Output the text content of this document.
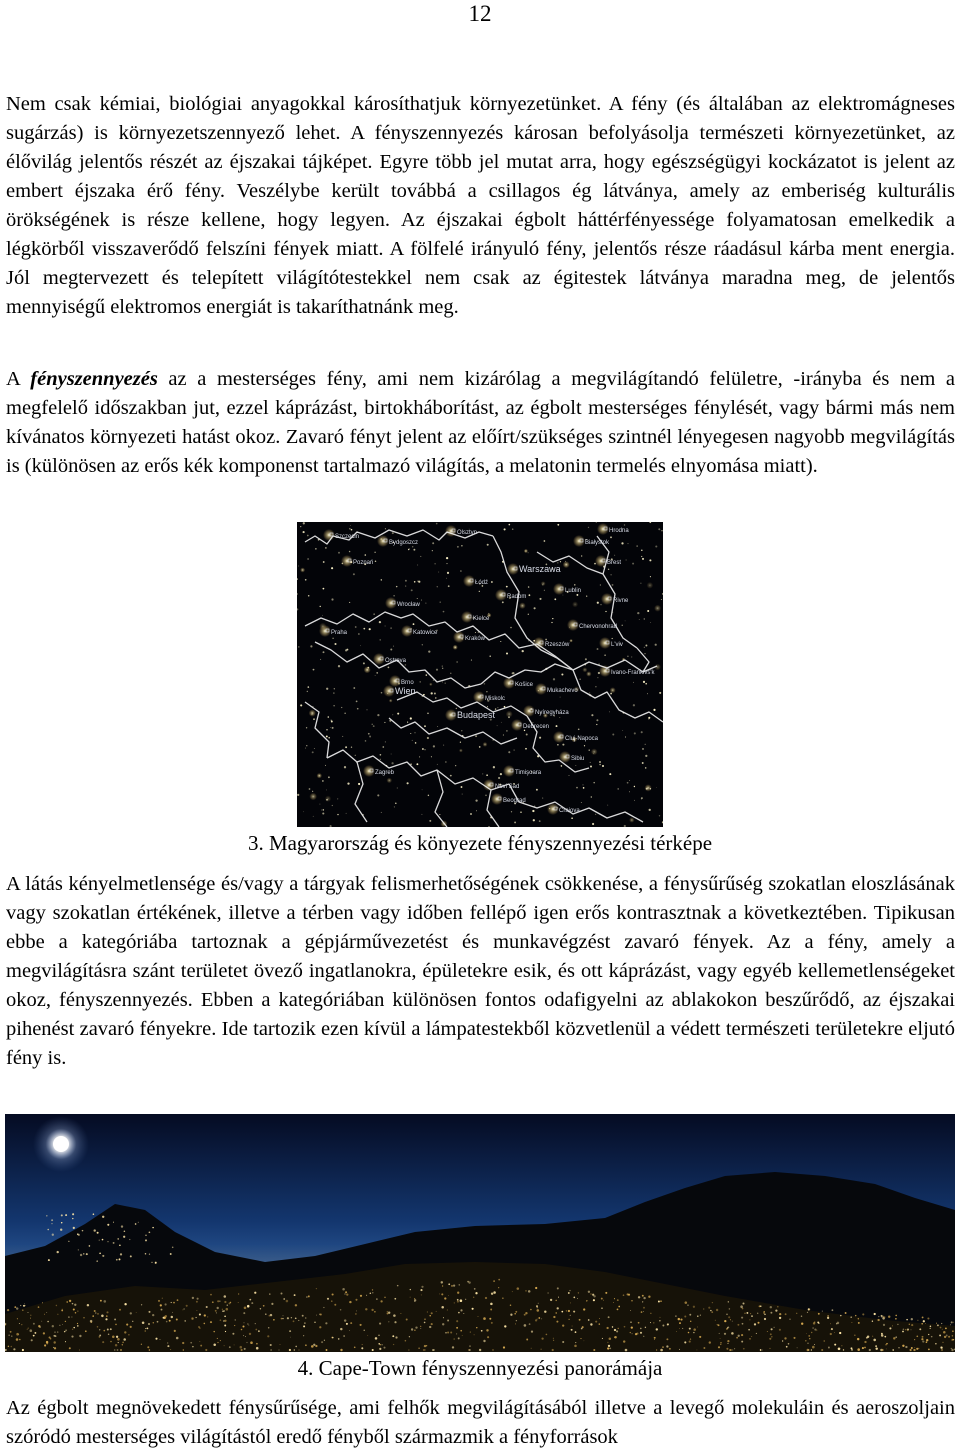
12

Nem csak kémiai, biológiai anyagokkal károsíthatjuk környezetünket. A fény (és általában az elektromágneses sugárzás) is környezetszennyező lehet. A fényszennyezés károsan befolyásolja természeti környezetünket, az élővilág jelentős részét az éjszakai tájképet. Egyre több jel mutat arra, hogy egészségügyi kockázatot is jelent az embert éjszaka érő fény. Veszélybe került továbbá a csillagos ég látványa, amely az emberiség kulturális örökségének is része kellene, hogy legyen. Az éjszakai égbolt háttérfényessége folyamatosan emelkedik a légkörből visszaverődő felszíni fények miatt. A fölfelé irányuló fény, jelentős része ráadásul kárba ment energia. Jól megtervezett és telepített világítótestekkel nem csak az égitestek látványa maradna meg, de jelentős mennyiségű elektromos energiát is takaríthatnánk meg.

A fényszennyezés az a mesterséges fény, ami nem kizárólag a megvilágítandó felületre, -irányba és nem a megfelelő időszakban jut, ezzel káprázást, birtokháborítást, az égbolt mesterséges fénylését, vagy bármi más nem kívánatos környezeti hatást okoz. Zavaró fényt jelent az előírt/szükséges szintnél lényegesen nagyobb megvilágítás is (különösen az erős kék komponenst tartalmazó világítás, a melatonin termelés elnyomása miatt).

Szczecin
Bydgoszcz
Olsztyn	Hrodna
Białystok
Poznań
Warszawa
Brest
Łódź
Radom
Lublin
Wrocław
Kielce
Rivne
Praha	Katowice
Kraków
Chervonohrad
L'viv
Ostrava
Rzeszów
Ivano-Frankivs'k
Brno	Košice
Wien
Miskolc
Mukachevo
Budapest	Nyíregyháza
Debrecen
Cluj-Napoca
Sibiu
Zagreb	Timişoara
Novi Sad
Beograd
Craiova
3. Magyarország és könyezete fényszennyezési térképe

A látás kényelmetlensége és/vagy a tárgyak felismerhetőségének csökkenése, a fénysűrűség szokatlan eloszlásának vagy szokatlan értékének, illetve a térben vagy időben fellépő igen erős kontrasztnak a következtében. Tipikusan ebbe a kategóriába tartoznak a gépjárművezetést és munkavégzést zavaró fények. Az a fény, amely a megvilágításra szánt területet övező ingatlanokra, épületekre esik, és ott káprázást, vagy egyéb kellemetlenségeket okoz, fényszennyezés. Ebben a kategóriában különösen fontos odafigyelni az ablakokon beszűrődő, az éjszakai pihenést zavaró fényekre. Ide tartozik ezen kívül a lámpatestekből közvetlenül a védett természeti területekre eljutó fény is.

4. Cape-Town fényszennyezési panorámája

Az égbolt megnövekedett fénysűrűsége, ami felhők megvilágításából illetve a levegő molekuláin és aeroszoljain szóródó mesterséges világítástól eredő fényből származmik a fényforrások
